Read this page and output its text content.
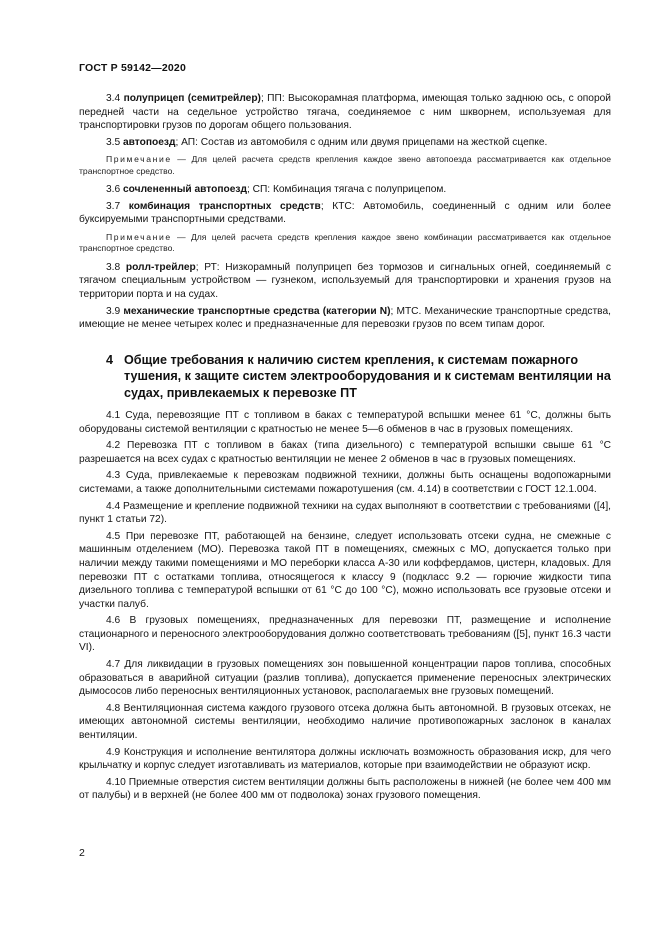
ГОСТ Р 59142—2020

3.4 полуприцеп (семитрейлер); ПП: Высокорамная платформа, имеющая только заднюю ось, с опорой передней части на седельное устройство тягача, соединяемое с ним шкворнем, используемая для транспортировки грузов по дорогам общего пользования.

3.5 автопоезд; АП: Состав из автомобиля с одним или двумя прицепами на жесткой сцепке.

Примечание — Для целей расчета средств крепления каждое звено автопоезда рассматривается как отдельное транспортное средство.

3.6 сочлененный автопоезд; СП: Комбинация тягача с полуприцепом.

3.7 комбинация транспортных средств; КТС: Автомобиль, соединенный с одним или более буксируемыми транспортными средствами.

Примечание — Для целей расчета средств крепления каждое звено комбинации рассматривается как отдельное транспортное средство.

3.8 ролл-трейлер; РТ: Низкорамный полуприцеп без тормозов и сигнальных огней, соединяемый с тягачом специальным устройством — гузнеком, используемый для транспортировки и хранения грузов на территории порта и на судах.

3.9 механические транспортные средства (категории N); МТС. Механические транспортные средства, имеющие не менее четырех колес и предназначенные для перевозки грузов по всем типам дорог.

4 Общие требования к наличию систем крепления, к системам пожарного тушения, к защите систем электрооборудования и к системам вентиляции на судах, привлекаемых к перевозке ПТ

4.1 Суда, перевозящие ПТ с топливом в баках с температурой вспышки менее 61 °С, должны быть оборудованы системой вентиляции с кратностью не менее 5—6 обменов в час в грузовых помещениях.

4.2 Перевозка ПТ с топливом в баках (типа дизельного) с температурой вспышки свыше 61 °С разрешается на всех судах с кратностью вентиляции не менее 2 обменов в час в грузовых помещениях.

4.3 Суда, привлекаемые к перевозкам подвижной техники, должны быть оснащены водопожарными системами, а также дополнительными системами пожаротушения (см. 4.14) в соответствии с ГОСТ 12.1.004.

4.4 Размещение и крепление подвижной техники на судах выполняют в соответствии с требованиями ([4], пункт 1 статьи 72).

4.5 При перевозке ПТ, работающей на бензине, следует использовать отсеки судна, не смежные с машинным отделением (МО). Перевозка такой ПТ в помещениях, смежных с МО, допускается только при наличии между такими помещениями и МО переборки класса А-30 или коффердамов, цистерн, кладовых. Для перевозки ПТ с остатками топлива, относящегося к классу 9 (подкласс 9.2 — горючие жидкости типа дизельного топлива с температурой вспышки от 61 °С до 100 °С), можно использовать все грузовые отсеки и участки палуб.

4.6 В грузовых помещениях, предназначенных для перевозки ПТ, размещение и исполнение стационарного и переносного электрооборудования должно соответствовать требованиям ([5], пункт 16.3 части VI).

4.7 Для ликвидации в грузовых помещениях зон повышенной концентрации паров топлива, способных образоваться в аварийной ситуации (разлив топлива), допускается применение переносных электрических дымососов либо переносных вентиляционных установок, располагаемых вне грузовых помещений.

4.8 Вентиляционная система каждого грузового отсека должна быть автономной. В грузовых отсеках, не имеющих автономной системы вентиляции, необходимо наличие противопожарных заслонок в каналах вентиляции.

4.9 Конструкция и исполнение вентилятора должны исключать возможность образования искр, для чего крыльчатку и корпус следует изготавливать из материалов, которые при взаимодействии не образуют искр.

4.10 Приемные отверстия систем вентиляции должны быть расположены в нижней (не более чем 400 мм от палубы) и в верхней (не более 400 мм от подволока) зонах грузового помещения.

2
